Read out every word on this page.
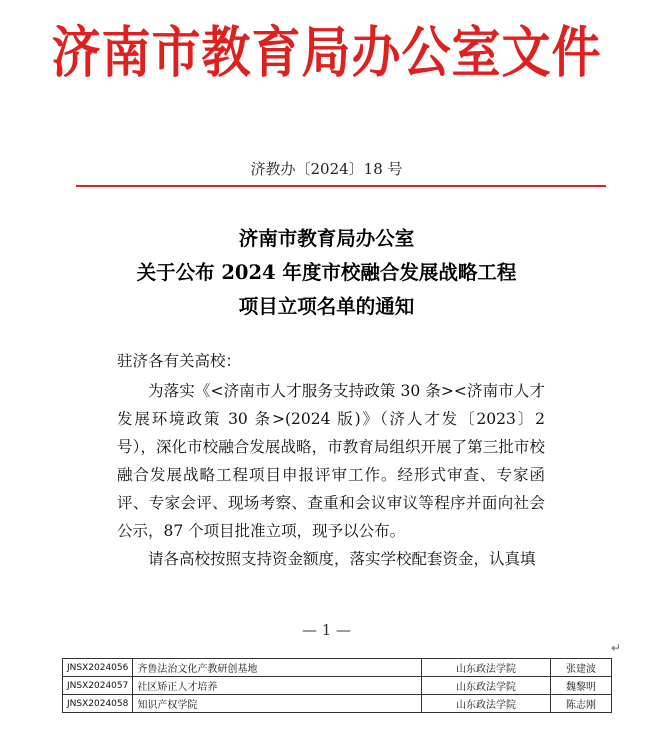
济南市教育局办公室文件
济教办〔2024〕18 号
济南市教育局办公室
关于公布 2024 年度市校融合发展战略工程
项目立项名单的通知
驻济各有关高校：

为落实《<济南市人才服务支持政策 30 条><济南市人才发展环境政策 30 条>(2024 版)》（济人才发〔2023〕2 号），深化市校融合发展战略，市教育局组织开展了第三批市校融合发展战略工程项目申报评审工作。经形式审查、专家函评、专家会评、现场考察、查重和会议审议等程序并面向社会公示，87 个项目批准立项，现予以公布。

请各高校按照支持资金额度，落实学校配套资金，认真填

— 1 —
↵
JNSX2024056	齐鲁法治文化产教研创基地	山东政法学院	张建波
JNSX2024057	社区矫正人才培养	山东政法学院	魏黎明
JNSX2024058	知识产权学院	山东政法学院	陈志刚
